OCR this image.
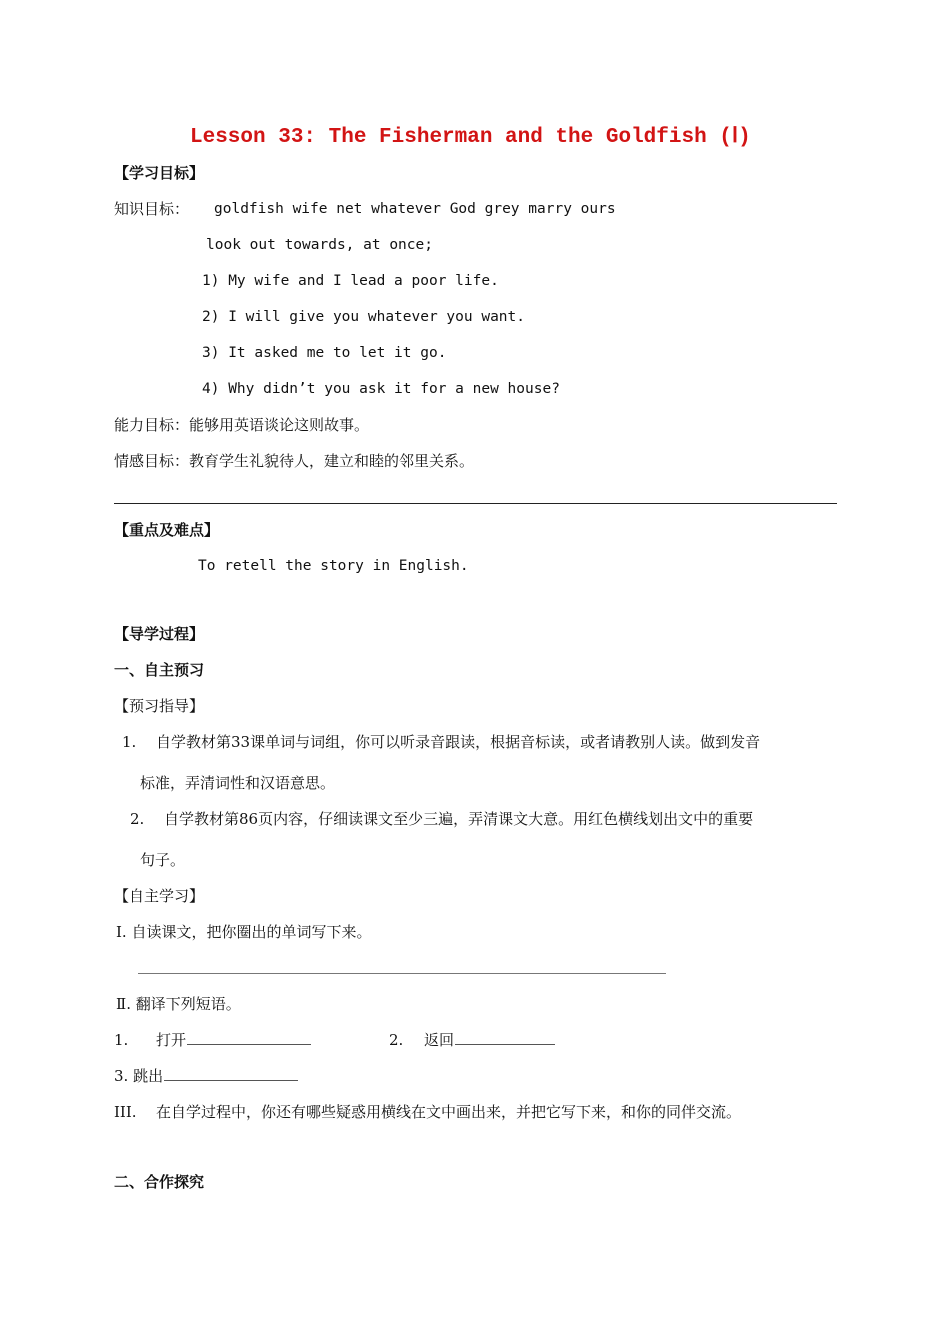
Lesson 33: The Fisherman and the Goldfish (Ⅰ)
【学习目标】
知识目标： goldfish wife net whatever God grey marry ours
look out towards, at once;
1) My wife and I lead a poor life.
2) I will give you whatever you want.
3) It asked me to let it go.
4) Why didn’t you ask it for a new house?
能力目标：能够用英语谈论这则故事。
情感目标：教育学生礼貌待人，建立和睦的邻里关系。
【重点及难点】
To retell the story in English.
【导学过程】
一、自主预习
【预习指导】
1. 自学教材第33课单词与词组，你可以听录音跟读，根据音标读，或者请教别人读。做到发音
标准，弄清词性和汉语意思。
2. 自学教材第86页内容，仔细读课文至少三遍，弄清课文大意。用红色横线划出文中的重要
句子。
【自主学习】
Ⅰ. 自读课文，把你圈出的单词写下来。
Ⅱ. 翻译下列短语。
1. 打开	2. 返回
3. 跳出
III. 在自学过程中，你还有哪些疑惑用横线在文中画出来，并把它写下来，和你的同伴交流。
二、合作探究
